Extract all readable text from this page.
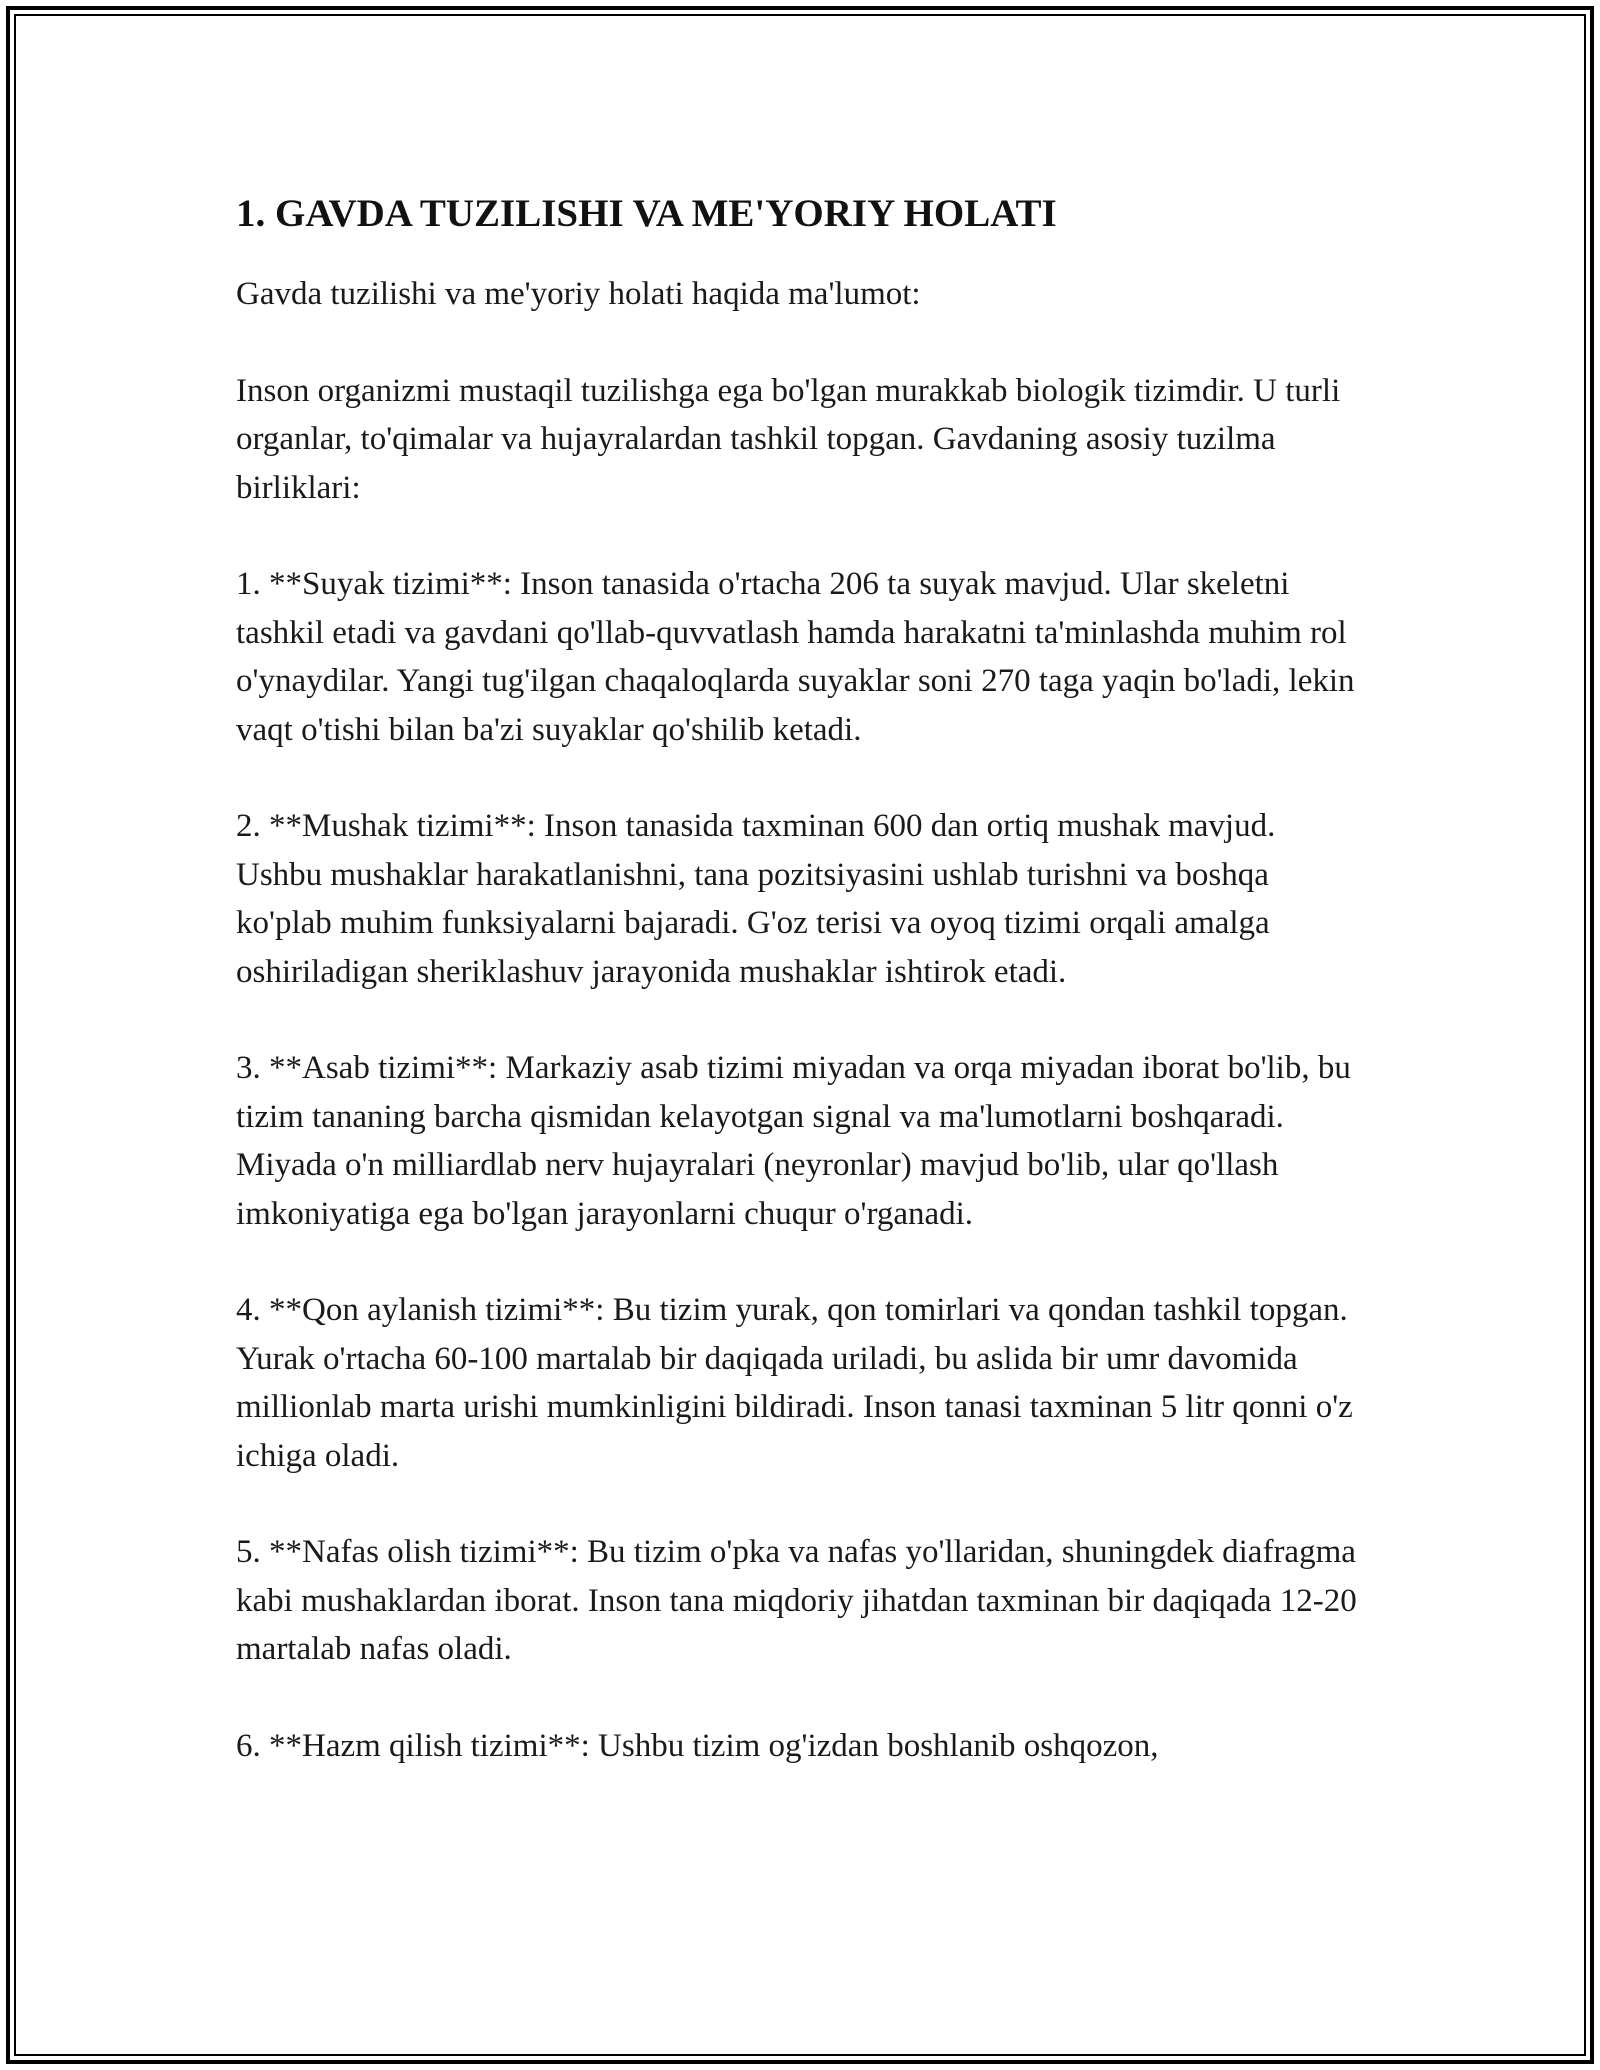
1. GAVDA TUZILISHI VA ME'YORIY HOLATI

Gavda tuzilishi va me'yoriy holati haqida ma'lumot:

Inson organizmi mustaqil tuzilishga ega bo'lgan murakkab biologik tizimdir. U turli organlar, to'qimalar va hujayralardan tashkil topgan. Gavdaning asosiy tuzilma birliklari:

1. **Suyak tizimi**: Inson tanasida o'rtacha 206 ta suyak mavjud. Ular skeletni tashkil etadi va gavdani qo'llab-quvvatlash hamda harakatni ta'minlashda muhim rol o'ynaydilar. Yangi tug'ilgan chaqaloqlarda suyaklar soni 270 taga yaqin bo'ladi, lekin vaqt o'tishi bilan ba'zi suyaklar qo'shilib ketadi.

2. **Mushak tizimi**: Inson tanasida taxminan 600 dan ortiq mushak mavjud. Ushbu mushaklar harakatlanishni, tana pozitsiyasini ushlab turishni va boshqa ko'plab muhim funksiyalarni bajaradi. G'oz terisi va oyoq tizimi orqali amalga oshiriladigan sheriklashuv jarayonida mushaklar ishtirok etadi.

3. **Asab tizimi**: Markaziy asab tizimi miyadan va orqa miyadan iborat bo'lib, bu tizim tananing barcha qismidan kelayotgan signal va ma'lumotlarni boshqaradi. Miyada o'n milliardlab nerv hujayralari (neyronlar) mavjud bo'lib, ular qo'llash imkoniyatiga ega bo'lgan jarayonlarni chuqur o'rganadi.

4. **Qon aylanish tizimi**: Bu tizim yurak, qon tomirlari va qondan tashkil topgan. Yurak o'rtacha 60-100 martalab bir daqiqada uriladi, bu aslida bir umr davomida millionlab marta urishi mumkinligini bildiradi. Inson tanasi taxminan 5 litr qonni o'z ichiga oladi.

5. **Nafas olish tizimi**: Bu tizim o'pka va nafas yo'llaridan, shuningdek diafragma kabi mushaklardan iborat. Inson tana miqdoriy jihatdan taxminan bir daqiqada 12-20 martalab nafas oladi.

6. **Hazm qilish tizimi**: Ushbu tizim og'izdan boshlanib oshqozon,
